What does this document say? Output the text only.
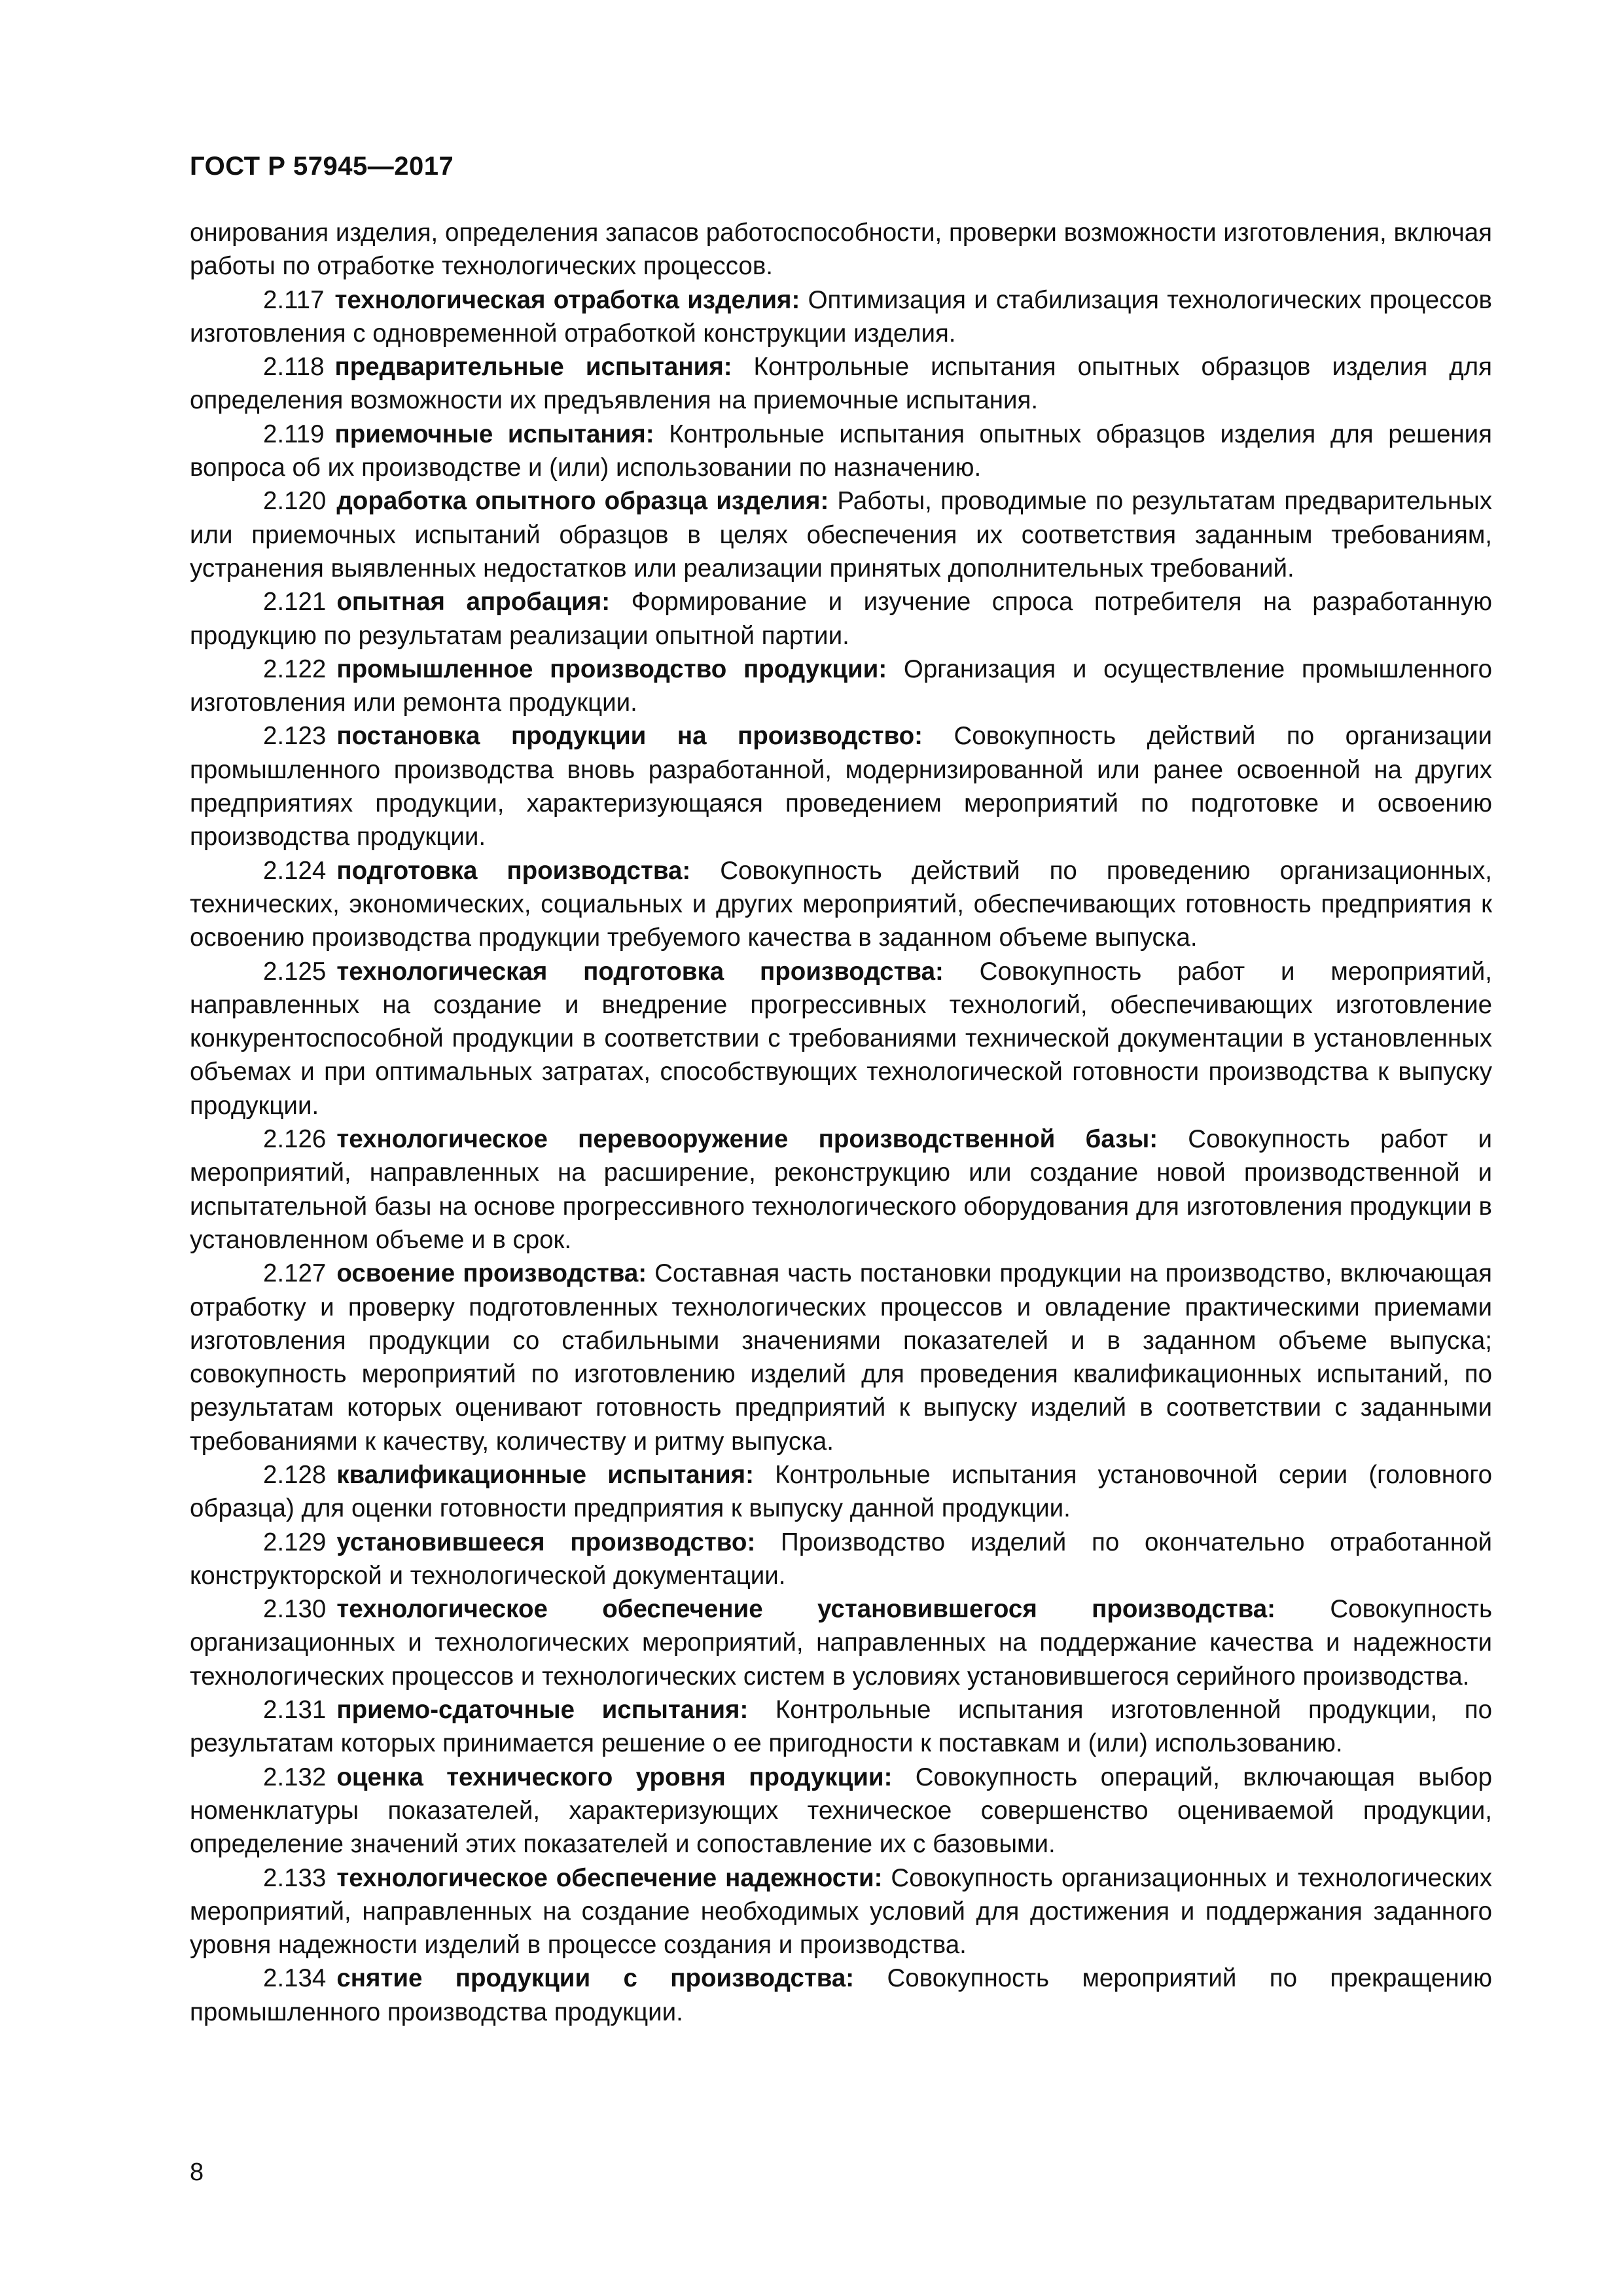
ГОСТ Р 57945—2017

онирования изделия, определения запасов работоспособности, проверки возможности изготовления, включая работы по отработке технологических процессов.

2.117 технологическая отработка изделия: Оптимизация и стабилизация технологических процессов изготовления с одновременной отработкой конструкции изделия.

2.118 предварительные испытания: Контрольные испытания опытных образцов изделия для определения возможности их предъявления на приемочные испытания.

2.119 приемочные испытания: Контрольные испытания опытных образцов изделия для решения вопроса об их производстве и (или) использовании по назначению.

2.120 доработка опытного образца изделия: Работы, проводимые по результатам предварительных или приемочных испытаний образцов в целях обеспечения их соответствия заданным требованиям, устранения выявленных недостатков или реализации принятых дополнительных требований.

2.121 опытная апробация: Формирование и изучение спроса потребителя на разработанную продукцию по результатам реализации опытной партии.

2.122 промышленное производство продукции: Организация и осуществление промышленного изготовления или ремонта продукции.

2.123 постановка продукции на производство: Совокупность действий по организации промышленного производства вновь разработанной, модернизированной или ранее освоенной на других предприятиях продукции, характеризующаяся проведением мероприятий по подготовке и освоению производства продукции.

2.124 подготовка производства: Совокупность действий по проведению организационных, технических, экономических, социальных и других мероприятий, обеспечивающих готовность предприятия к освоению производства продукции требуемого качества в заданном объеме выпуска.

2.125 технологическая подготовка производства: Совокупность работ и мероприятий, направленных на создание и внедрение прогрессивных технологий, обеспечивающих изготовление конкурентоспособной продукции в соответствии с требованиями технической документации в установленных объемах и при оптимальных затратах, способствующих технологической готовности производства к выпуску продукции.

2.126 технологическое перевооружение производственной базы: Совокупность работ и мероприятий, направленных на расширение, реконструкцию или создание новой производственной и испытательной базы на основе прогрессивного технологического оборудования для изготовления продукции в установленном объеме и в срок.

2.127 освоение производства: Составная часть постановки продукции на производство, включающая отработку и проверку подготовленных технологических процессов и овладение практическими приемами изготовления продукции со стабильными значениями показателей и в заданном объеме выпуска; совокупность мероприятий по изготовлению изделий для проведения квалификационных испытаний, по результатам которых оценивают готовность предприятий к выпуску изделий в соответствии с заданными требованиями к качеству, количеству и ритму выпуска.

2.128 квалификационные испытания: Контрольные испытания установочной серии (головного образца) для оценки готовности предприятия к выпуску данной продукции.

2.129 установившееся производство: Производство изделий по окончательно отработанной конструкторской и технологической документации.

2.130 технологическое обеспечение установившегося производства: Совокупность организационных и технологических мероприятий, направленных на поддержание качества и надежности технологических процессов и технологических систем в условиях установившегося серийного производства.

2.131 приемо-сдаточные испытания: Контрольные испытания изготовленной продукции, по результатам которых принимается решение о ее пригодности к поставкам и (или) использованию.

2.132 оценка технического уровня продукции: Совокупность операций, включающая выбор номенклатуры показателей, характеризующих техническое совершенство оцениваемой продукции, определение значений этих показателей и сопоставление их с базовыми.

2.133 технологическое обеспечение надежности: Совокупность организационных и технологических мероприятий, направленных на создание необходимых условий для достижения и поддержания заданного уровня надежности изделий в процессе создания и производства.

2.134 снятие продукции с производства: Совокупность мероприятий по прекращению промышленного производства продукции.

8
